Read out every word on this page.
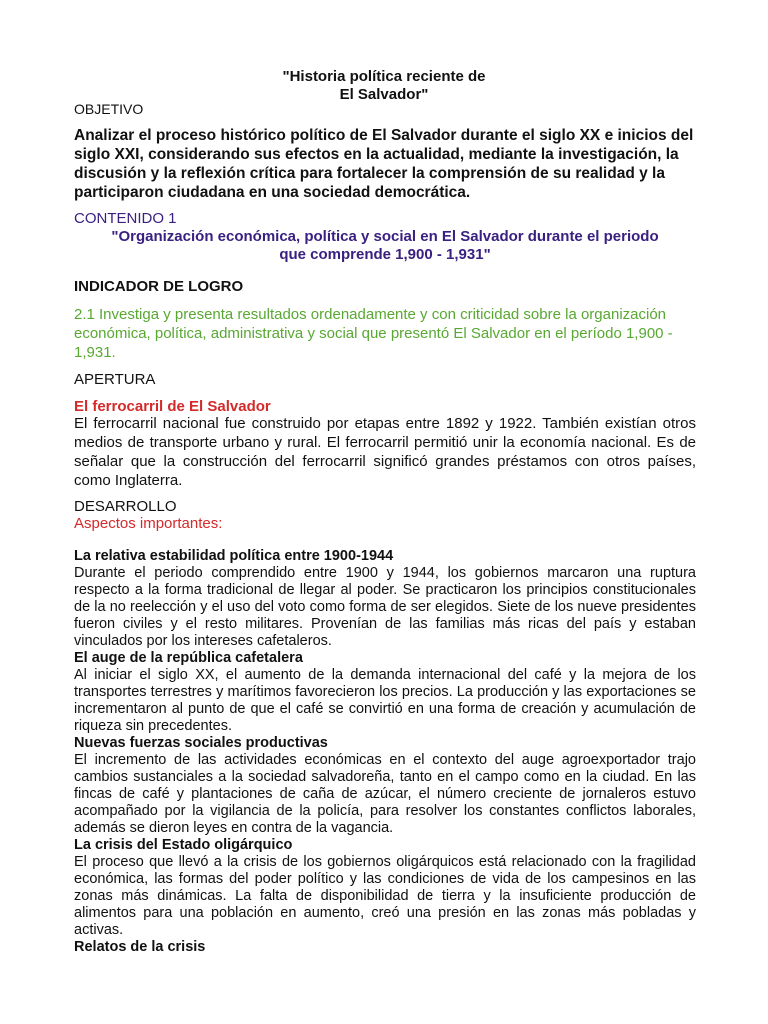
"Historia política reciente de
El Salvador"
OBJETIVO
Analizar el proceso histórico político de El Salvador durante el siglo XX e inicios del siglo XXI, considerando sus efectos en la actualidad, mediante la investigación, la discusión y la reflexión crítica para fortalecer la comprensión de su realidad y la participaron ciudadana en una sociedad democrática.
CONTENIDO 1
"Organización económica, política y social en El Salvador durante el periodo
que comprende 1,900 - 1,931"
INDICADOR DE LOGRO
2.1 Investiga y presenta resultados ordenadamente y con criticidad sobre la organización económica, política, administrativa y social que presentó El Salvador en el período 1,900 - 1,931.
APERTURA
El ferrocarril de El Salvador
El ferrocarril nacional fue construido por etapas entre 1892 y 1922. También existían otros medios de transporte urbano y rural. El ferrocarril permitió unir la economía nacional. Es de señalar que la construcción del ferrocarril significó grandes préstamos con otros países, como Inglaterra.
DESARROLLO
Aspectos importantes:
La relativa estabilidad política entre 1900-1944
Durante el periodo comprendido entre 1900 y 1944, los gobiernos marcaron una ruptura respecto a la forma tradicional de llegar al poder. Se practicaron los principios constitucionales de la no reelección y el uso del voto como forma de ser elegidos. Siete de los nueve presidentes fueron civiles y el resto militares. Provenían de las familias más ricas del país y estaban vinculados por los intereses cafetaleros.
El auge de la república cafetalera
Al iniciar el siglo XX, el aumento de la demanda internacional del café y la mejora de los transportes terrestres y marítimos favorecieron los precios. La producción y las exportaciones se incrementaron al punto de que el café se convirtió en una forma de creación y acumulación de riqueza sin precedentes.
Nuevas fuerzas sociales productivas
El incremento de las actividades económicas en el contexto del auge agroexportador trajo cambios sustanciales a la sociedad salvadoreña, tanto en el campo como en la ciudad. En las fincas de café y plantaciones de caña de azúcar, el número creciente de jornaleros estuvo acompañado por la vigilancia de la policía, para resolver los constantes conflictos laborales, además se dieron leyes en contra de la vagancia.
La crisis del Estado oligárquico
El proceso que llevó a la crisis de los gobiernos oligárquicos está relacionado con la fragilidad económica, las formas del poder político y las condiciones de vida de los campesinos en las zonas más dinámicas. La falta de disponibilidad de tierra y la insuficiente producción de alimentos para una población en aumento, creó una presión en las zonas más pobladas y activas.
Relatos de la crisis
